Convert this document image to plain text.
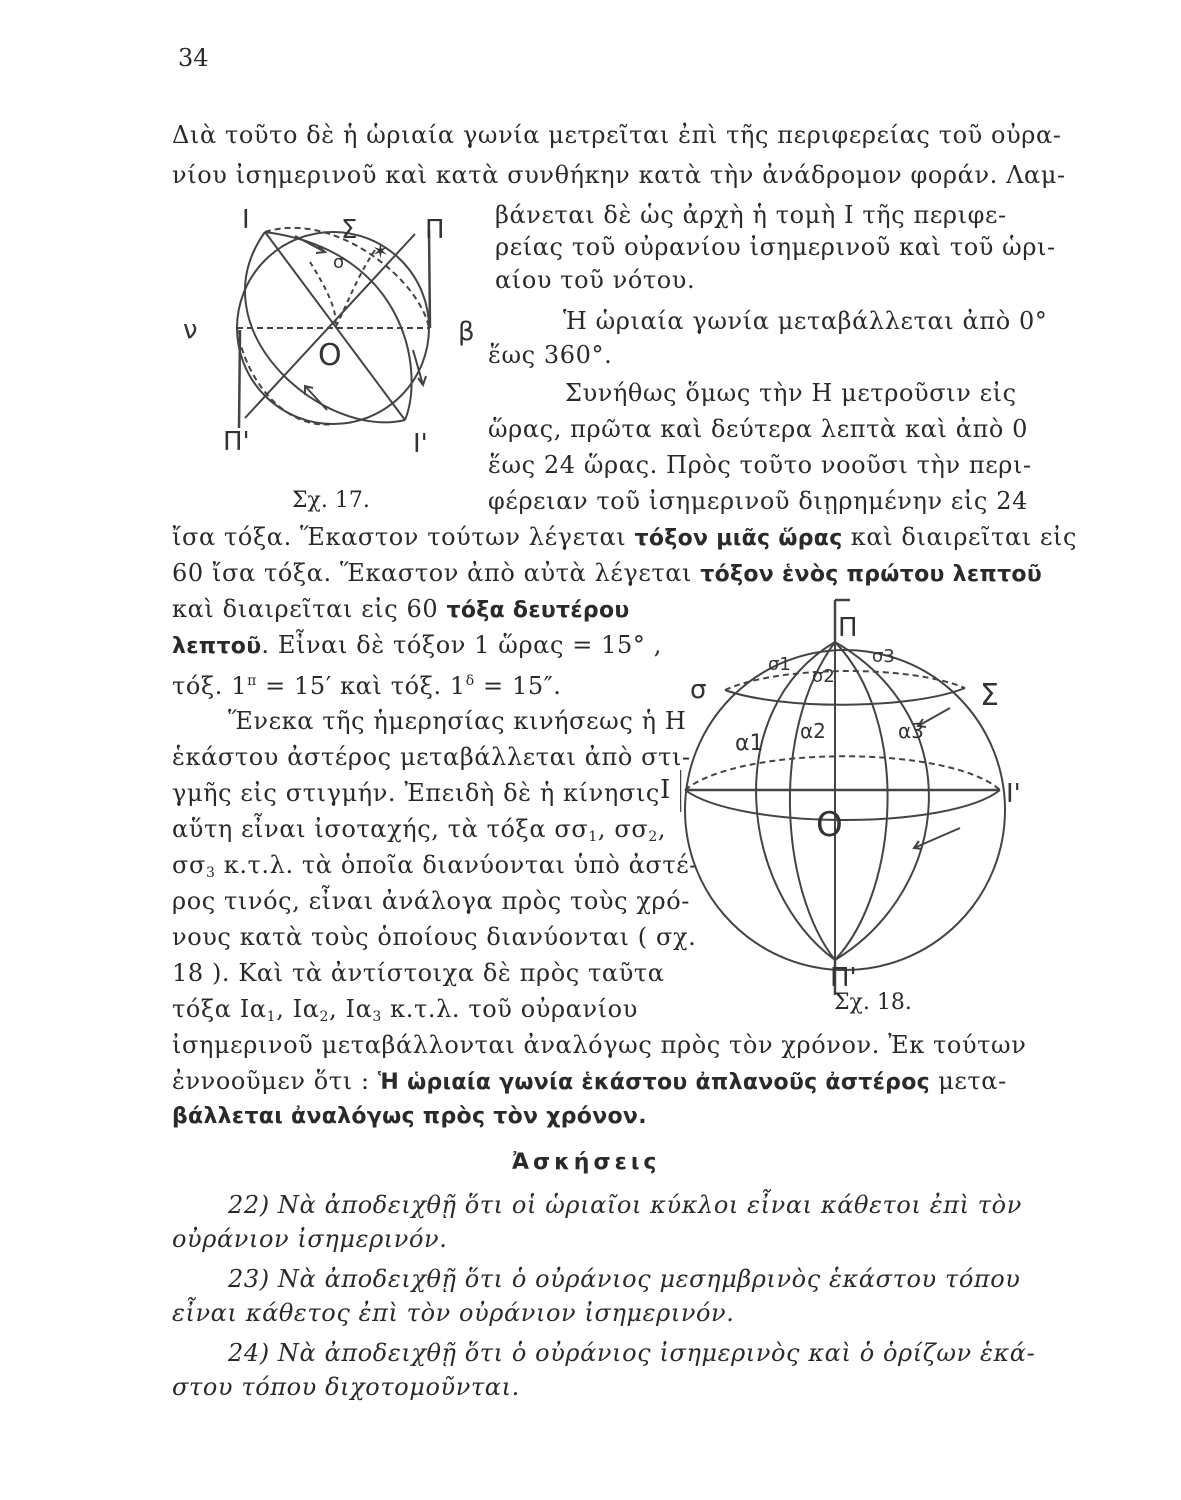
34
Διὰ τοῦτο δὲ ἡ ὡριαία γωνία μετρεῖται ἐπὶ τῆς περιφερείας τοῦ οὐρα-
νίου ἰσημερινοῦ καὶ κατὰ συνθήκην κατὰ τὴν ἀνάδρομον φοράν. Λαμ-
βάνεται δὲ ὡς ἀρχὴ ἡ τομὴ Ι τῆς περιφε-
ρείας τοῦ οὐρανίου ἰσημερινοῦ καὶ τοῦ ὡρι-
αίου τοῦ νότου.
Ἡ ὡριαία γωνία μεταβάλλεται ἀπὸ 0°
ἕως 360°.
Συνήθως ὅμως τὴν Η μετροῦσιν εἰς
ὥρας, πρῶτα καὶ δεύτερα λεπτὰ καὶ ἀπὸ 0
ἕως 24 ὥρας. Πρὸς τοῦτο νοοῦσι τὴν περι-
φέρειαν τοῦ ἰσημερινοῦ διῃρημένην εἰς 24
✶
Ι	Σ
σ
Π
ν	β
Ο
Π'	Ι'
Σχ. 17.
ἴσα τόξα. Ἕκαστον τούτων λέγεται τόξον μιᾶς ὥρας καὶ διαιρεῖται εἰς
60 ἴσα τόξα. Ἕκαστον ἀπὸ αὐτὰ λέγεται τόξον ἑνὸς πρώτου λεπτοῦ
καὶ διαιρεῖται εἰς 60 τόξα δευτέρου
λεπτοῦ. Εἶναι δὲ τόξον 1 ὥρας = 15° ,
τόξ. $1^\pi = 15'$ καὶ τόξ. $1^\delta = 15''$.
Ἕνεκα τῆς ἡμερησίας κινήσεως ἡ Η
ἑκάστου ἀστέρος μεταβάλλεται ἀπὸ στι-
γμῆς εἰς στιγμήν. Ἐπειδὴ δὲ ἡ κίνησις
αὕτη εἶναι ἰσοταχής, τὰ τόξα $\sigma\sigma_1$, $\sigma\sigma_2$,
$\sigma\sigma_3$ κ.τ.λ. τὰ ὁποῖα διανύονται ὑπὸ ἀστέ-
ρος τινός, εἶναι ἀνάλογα πρὸς τοὺς χρό-
νους κατὰ τοὺς ὁποίους διανύονται ( σχ.
18 ). Καὶ τὰ ἀντίστοιχα δὲ πρὸς ταῦτα
τόξα $I\alpha_1$, $I\alpha_2$, $I\alpha_3$ κ.τ.λ. τοῦ οὐρανίου
Π
σ1
σ2
σ3
σ	Σ
α1 α2	α3
Ι'
Ο
Π'
Ι
Σχ. 18.
ἰσημερινοῦ μεταβάλλονται ἀναλόγως πρὸς τὸν χρόνον. Ἐκ τούτων
ἐννοοῦμεν ὅτι : Ἡ ὡριαία γωνία ἑκάστου ἀπλανοῦς ἀστέρος μετα-
βάλλεται ἀναλόγως πρὸς τὸν χρόνον.
Ἀσκήσεις
22) Νὰ ἀποδειχθῇ ὅτι οἱ ὡριαῖοι κύκλοι εἶναι κάθετοι ἐπὶ τὸν
οὐράνιον ἰσημερινόν.
23) Νὰ ἀποδειχθῇ ὅτι ὁ οὐράνιος μεσημβρινὸς ἑκάστου τόπου
εἶναι κάθετος ἐπὶ τὸν οὐράνιον ἰσημερινόν.
24) Νὰ ἀποδειχθῇ ὅτι ὁ οὐράνιος ἰσημερινὸς καὶ ὁ ὁρίζων ἑκά-
στου τόπου διχοτομοῦνται.
